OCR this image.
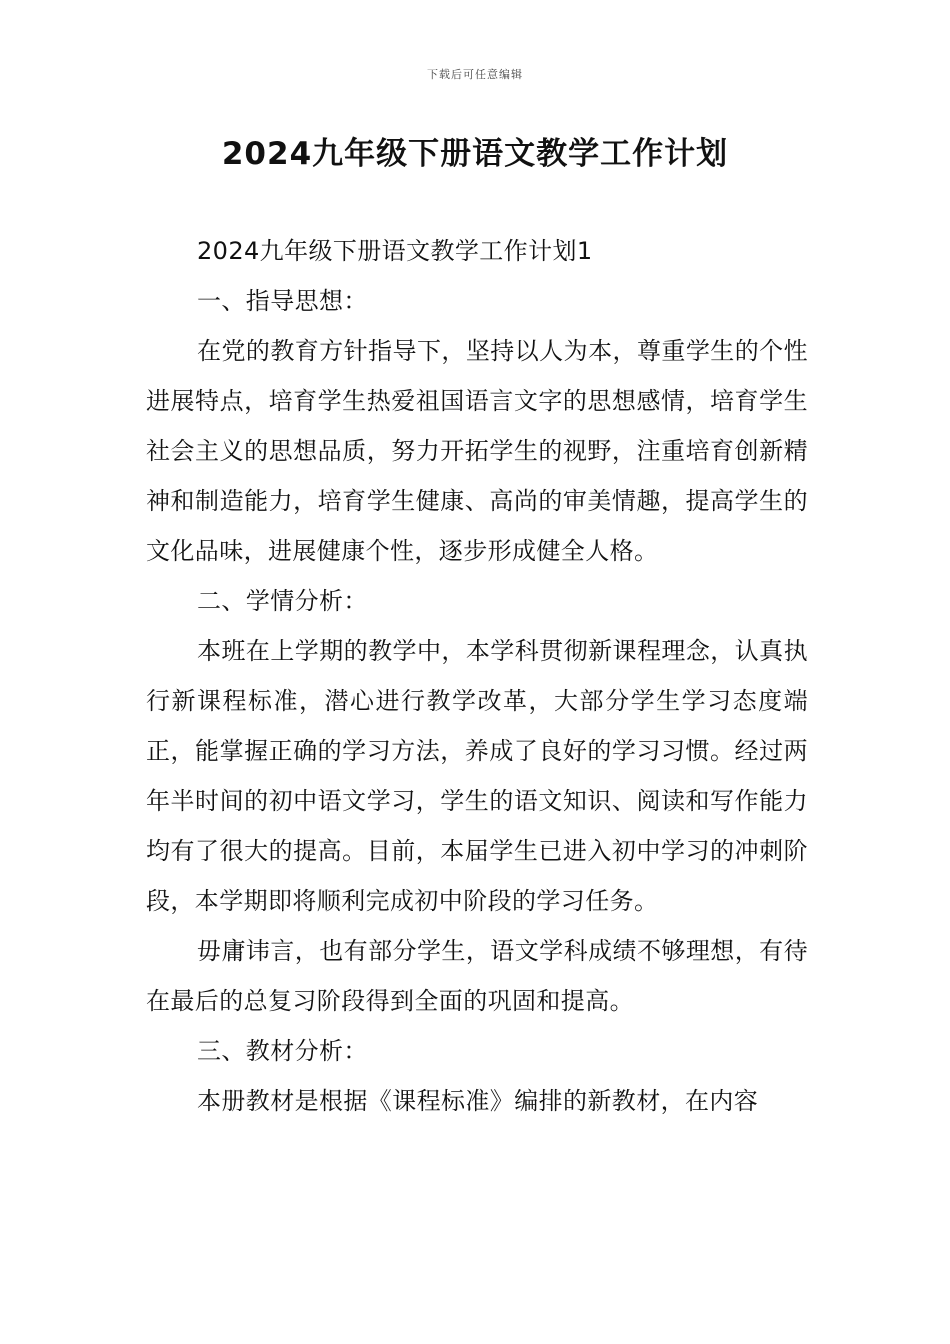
下载后可任意编辑
2024九年级下册语文教学工作计划

2024九年级下册语文教学工作计划1

一、指导思想：

在党的教育方针指导下，坚持以人为本，尊重学生的个性进展特点，培育学生热爱祖国语言文字的思想感情，培育学生社会主义的思想品质，努力开拓学生的视野，注重培育创新精神和制造能力，培育学生健康、高尚的审美情趣，提高学生的文化品味，进展健康个性，逐步形成健全人格。

二、学情分析：

本班在上学期的教学中，本学科贯彻新课程理念，认真执行新课程标准，潜心进行教学改革，大部分学生学习态度端正，能掌握正确的学习方法，养成了良好的学习习惯。经过两年半时间的初中语文学习，学生的语文知识、阅读和写作能力均有了很大的提高。目前，本届学生已进入初中学习的冲刺阶段，本学期即将顺利完成初中阶段的学习任务。

毋庸讳言，也有部分学生，语文学科成绩不够理想，有待在最后的总复习阶段得到全面的巩固和提高。

三、教材分析：

本册教材是根据《课程标准》编排的新教材，在内容
